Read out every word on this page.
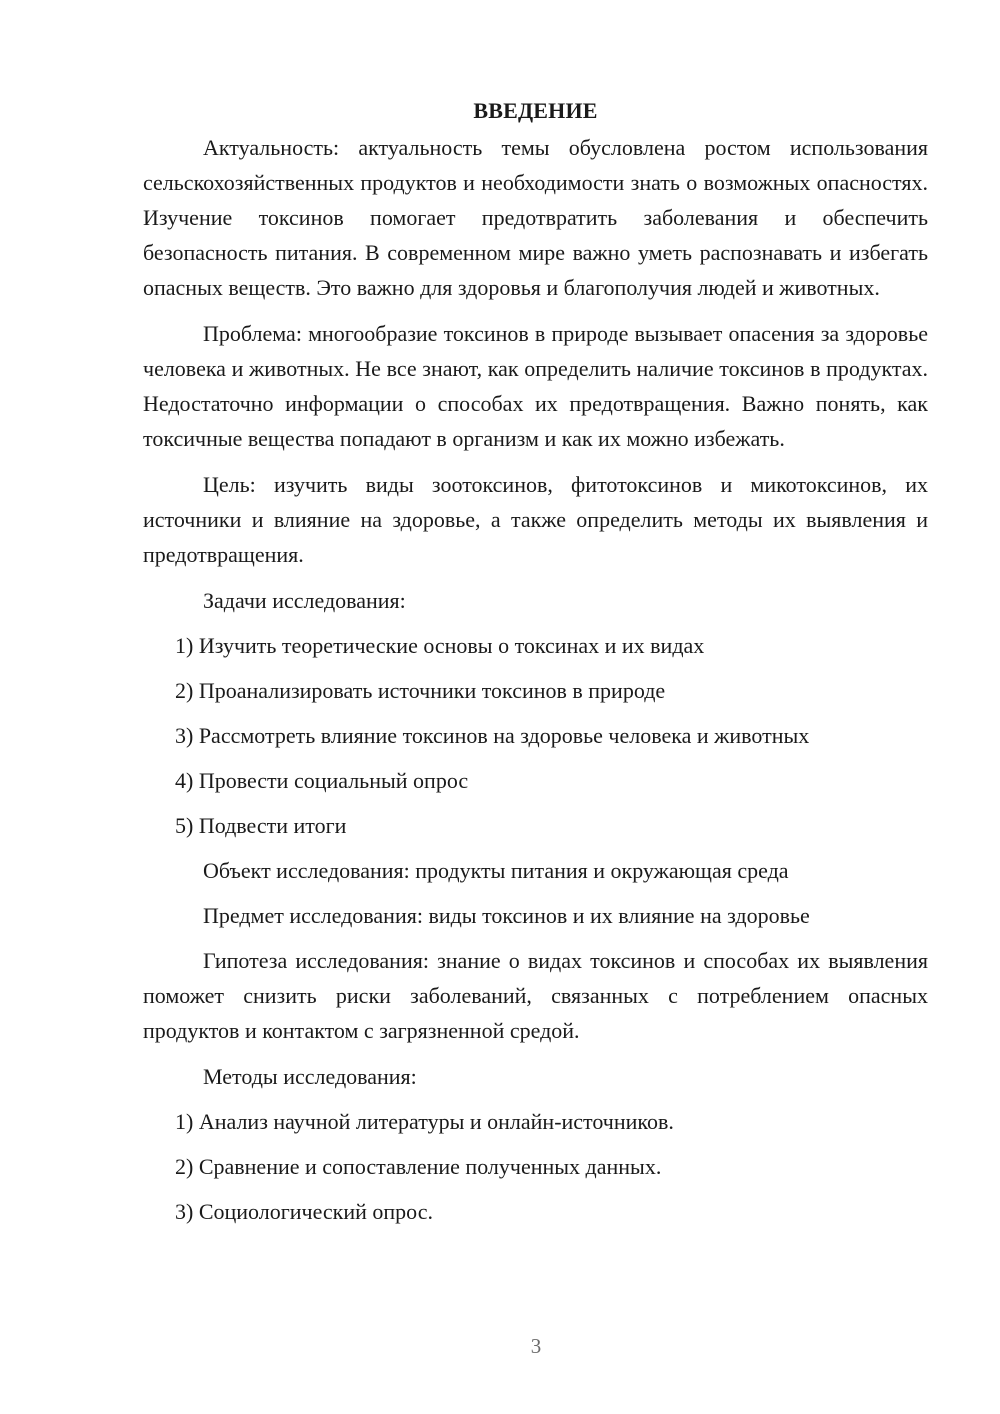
ВВЕДЕНИЕ

Актуальность: актуальность темы обусловлена ростом использования сельскохозяйственных продуктов и необходимости знать о возможных опасностях. Изучение токсинов помогает предотвратить заболевания и обеспечить безопасность питания. В современном мире важно уметь распознавать и избегать опасных веществ. Это важно для здоровья и благополучия людей и животных.

Проблема: многообразие токсинов в природе вызывает опасения за здоровье человека и животных. Не все знают, как определить наличие токсинов в продуктах. Недостаточно информации о способах их предотвращения. Важно понять, как токсичные вещества попадают в организм и как их можно избежать.

Цель: изучить виды зоотоксинов, фитотоксинов и микотоксинов, их источники и влияние на здоровье, а также определить методы их выявления и предотвращения.

Задачи исследования:
1) Изучить теоретические основы о токсинах и их видах
2) Проанализировать источники токсинов в природе
3) Рассмотреть влияние токсинов на здоровье человека и животных
4) Провести социальный опрос
5) Подвести итоги
Объект исследования: продукты питания и окружающая среда
Предмет исследования: виды токсинов и их влияние на здоровье

Гипотеза исследования: знание о видах токсинов и способах их выявления поможет снизить риски заболеваний, связанных с потреблением опасных продуктов и контактом с загрязненной средой.

Методы исследования:
1) Анализ научной литературы и онлайн-источников.
2) Сравнение и сопоставление полученных данных.
3) Социологический опрос.
3
